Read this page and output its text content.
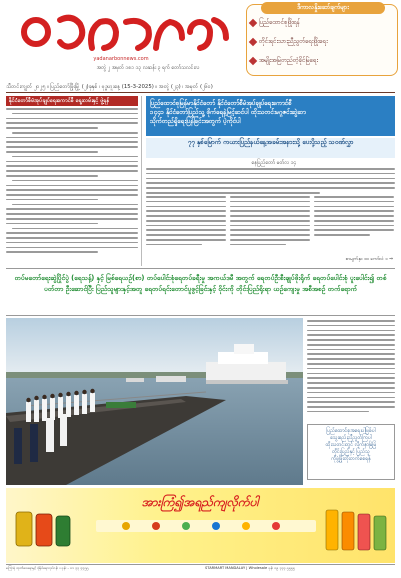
ကြေးမုံ
yadanarbonnews.com
အတွဲ ၂ အမှတ် ၁၈၁ ၁၃ လဆန်း ၃ ရက် တော်သလင်းလ
ဒီကာလနှိုးဆော်ချက်များ
ပြည်ထောင်စုဖြိုးရန်
တိုင်းရင်းသားညီညွတ်ရေးဖြိုးရေး
အမျိုးအမြဲတည်တံ့ခိုင်မြဲရေး
သီတင်းကျွတ် ၂၀၂၅ ။ ပြည်တော်ဖြိုးမြို့ (၂)ခုနှစ် ၊ ဗုဒ္ဓဟူးနေ့ (15-3-2025) ။ အတွဲ (၂၃) ၊ အမှတ် (၂၆၀)
နိုင်ငံတော်စီမံအုပ်ချုပ်ရေးကောင်စီ ရွေးလမ်းနှင့် ဖွဲ့ရန်	ပြည်ထောင်စုမြန်မာနိုင်ငံတော် နိုင်ငံတော်စီမံအုပ်ချုပ်ရေးကောင်စီ
၁၄၄၁ နိုင်ငံတော်ပြည်သူ့ ဖိုက်ရေနဲ့မြင့်ဆင်ပါ ထိုးသတင်းမဂ္ဂဇင်းဆွဲဆာ
သိုက်တည်ရှိရေးပြန်ခြင်းအတွက် ပဲ့ကိုင်ပါ
၇၇ နှစ်မြောက် ကယားပြည်နယ်နေ့အခမ်းအနားသို့ ပေးပို့သည့် သဝဏ်လွှာ
နေပြည်တော် မတ်လ ၁၄
စာမျက်နှာ ၁၀ ကော်လံ ၁ ⇒
တပ်မတော်ရေးဆွဲပြိုင်ပွဲ (ရေသန့်) နှင့် မြစ်ရေယဉ်(စာ) တပ်ပေါင်းစုံရေတပ်ခရီးမှု အကယ်ဒမီ အတွက် ရေတပ်ဦးစီးချုပ်ဖိုးရိုက် ရေတပ်ပေါင်းစုံ ပူးပေါင်း၍ တစ်ပတ်တာ ဦးဆောင်ပြီး ပြည်သူများနှင့်အတူ ရေတပ်ရင်းတောင်ပူဖွင့်ခြင်းနှင့် ဝိုင်းကို တိုင်းပြည်ရိုးရာ ယဉ်ကျေးမှု အစီအစဉ် တက်ရောက်
ပြည်ထောင်စုအရေးပါဖြစ်ပါ
သွေးစည်းညီညွတ်ကြပါ
ထိုးသတင်းတွင် လိုက်နာမြဲမြံ
တိုင်းပြည်နှင့် ပြည်သူ
ကိုဖွံ့ဖြိုးတိုးတက်စေရန်
အားကြံ၍အရည်ကျလိုက်ပါ
ကြေးမုံ ထုတ်ဝေရေးနှင့် ပုံနှိပ်ရေးလုပ်ငန်း ။ ဖုန်း - ၀၁ ၃၃ ၄၄၅၅	STARMART MANDALAY | Wholesale ဖုန်း ၀၉ ၃၃၃ ၅၅၅၅
